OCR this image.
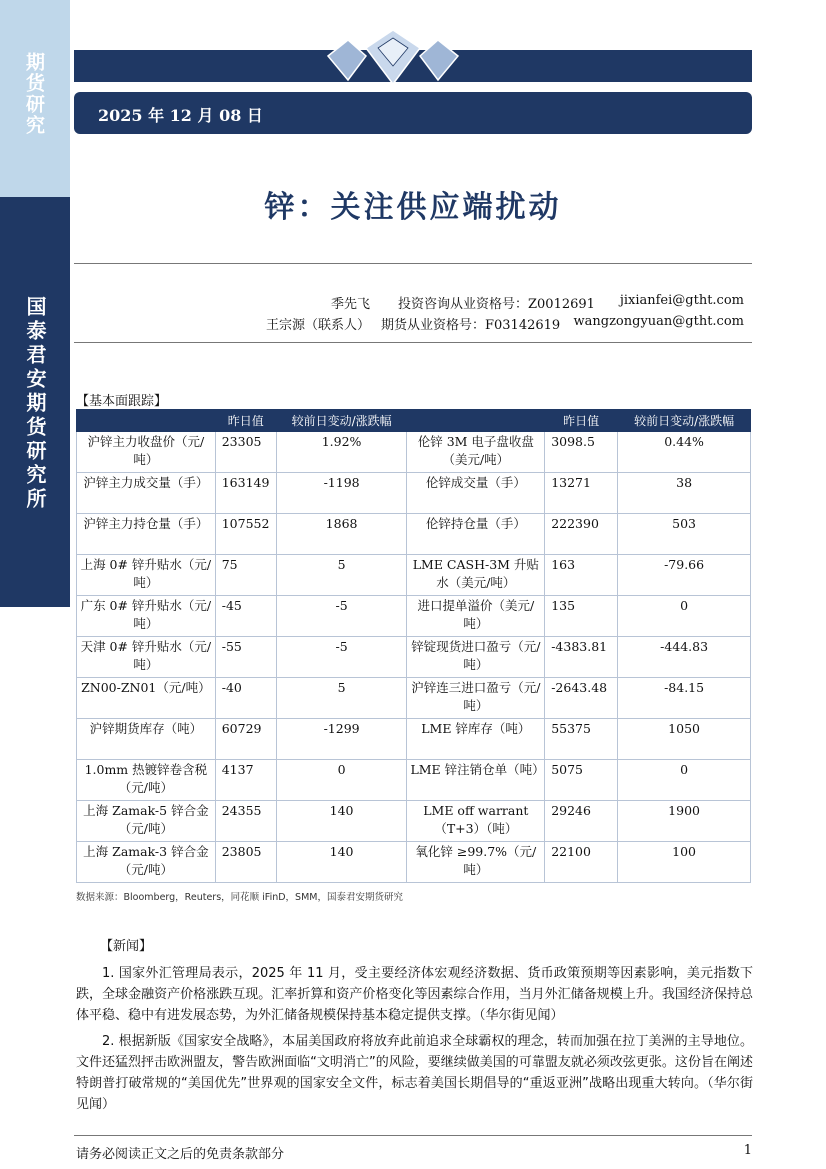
期货研究
国泰君安期货研究所
2025 年 12 月 08 日
锌：关注供应端扰动
季先飞 投资咨询从业资格号：Z0012691 jixianfei@gtht.com
王宗源（联系人） 期货从业资格号：F03142619 wangzongyuan@gtht.com
【基本面跟踪】
	昨日值	较前日变动/涨跌幅		昨日值	较前日变动/涨跌幅
沪锌主力收盘价（元/吨）	23305	1.92%	伦锌 3M 电子盘收盘（美元/吨）	3098.5	0.44%
沪锌主力成交量（手）	163149	-1198	伦锌成交量（手）	13271	38
沪锌主力持仓量（手）	107552	1868	伦锌持仓量（手）	222390	503
上海 0# 锌升贴水（元/吨）	75	5	LME CASH-3M 升贴水（美元/吨）	163	-79.66
广东 0# 锌升贴水（元/吨）	-45	-5	进口提单溢价（美元/吨）	135	0
天津 0# 锌升贴水（元/吨）	-55	-5	锌锭现货进口盈亏（元/吨）	-4383.81	-444.83
ZN00-ZN01（元/吨）	-40	5	沪锌连三进口盈亏（元/吨）	-2643.48	-84.15
沪锌期货库存（吨）	60729	-1299	LME 锌库存（吨）	55375	1050
1.0mm 热镀锌卷含税（元/吨）	4137	0	LME 锌注销仓单（吨）	5075	0
上海 Zamak-5 锌合金（元/吨）	24355	140	LME off warrant（T+3）（吨）	29246	1900
上海 Zamak-3 锌合金（元/吨）	23805	140	氧化锌 ≥99.7%（元/吨）	22100	100
数据来源：Bloomberg，Reuters，同花顺 iFinD，SMM，国泰君安期货研究
【新闻】

1. 国家外汇管理局表示，2025 年 11 月，受主要经济体宏观经济数据、货币政策预期等因素影响，美元指数下跌，全球金融资产价格涨跌互现。汇率折算和资产价格变化等因素综合作用，当月外汇储备规模上升。我国经济保持总体平稳、稳中有进发展态势，为外汇储备规模保持基本稳定提供支撑。（华尔街见闻）

2. 根据新版《国家安全战略》，本届美国政府将放弃此前追求全球霸权的理念，转而加强在拉丁美洲的主导地位。文件还猛烈抨击欧洲盟友，警告欧洲面临“文明消亡”的风险，要继续做美国的可靠盟友就必须改弦更张。这份旨在阐述特朗普打破常规的“美国优先”世界观的国家安全文件，标志着美国长期倡导的“重返亚洲”战略出现重大转向。（华尔街见闻）

请务必阅读正文之后的免责条款部分	1
